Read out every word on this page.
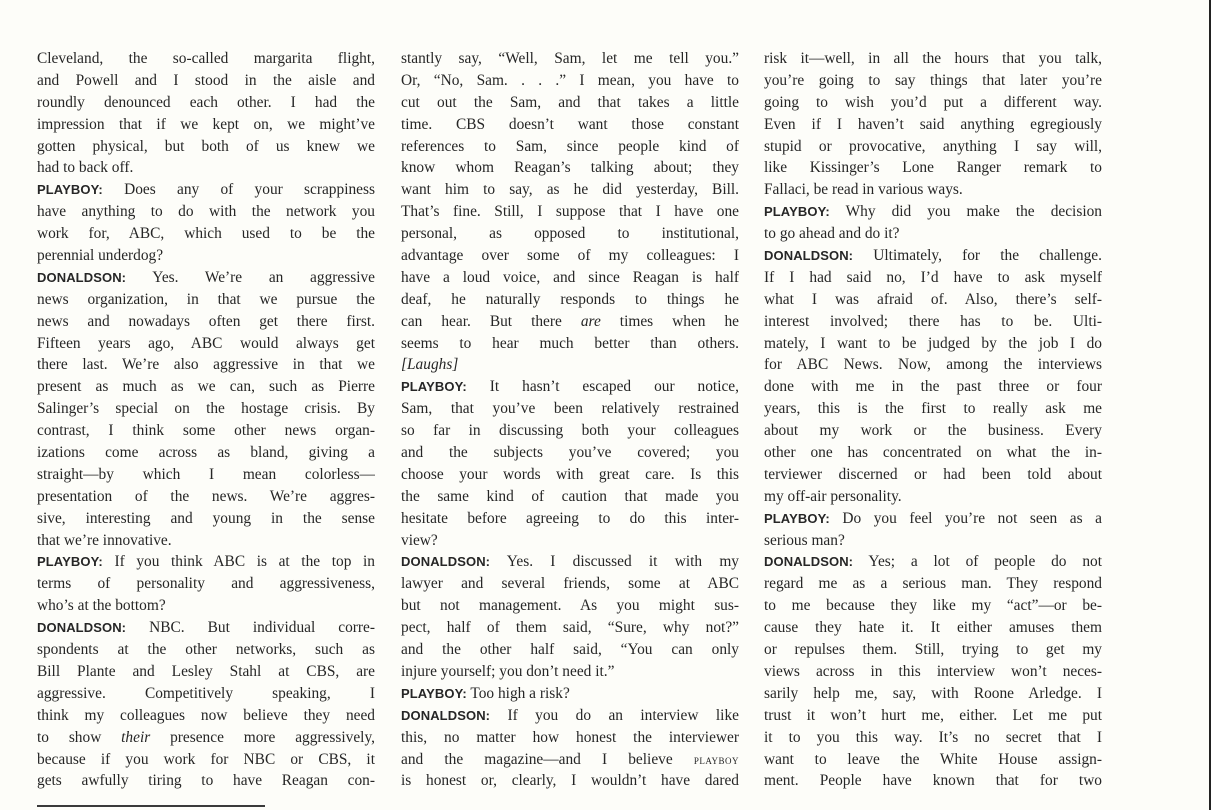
Cleveland, the so-called margarita flight,
and Powell and I stood in the aisle and
roundly denounced each other. I had the
impression that if we kept on, we might’ve
gotten physical, but both of us knew we
had to back off.
PLAYBOY: Does any of your scrappiness
have anything to do with the network you
work for, ABC, which used to be the
perennial underdog?
DONALDSON: Yes. We’re an aggressive
news organization, in that we pursue the
news and nowadays often get there first.
Fifteen years ago, ABC would always get
there last. We’re also aggressive in that we
present as much as we can, such as Pierre
Salinger’s special on the hostage crisis. By
contrast, I think some other news organ-
izations come across as bland, giving a
straight—by which I mean colorless—
presentation of the news. We’re aggres-
sive, interesting and young in the sense
that we’re innovative.
PLAYBOY: If you think ABC is at the top in
terms of personality and aggressiveness,
who’s at the bottom?
DONALDSON: NBC. But individual corre-
spondents at the other networks, such as
Bill Plante and Lesley Stahl at CBS, are
aggressive. Competitively speaking, I
think my colleagues now believe they need
to show their presence more aggressively,
because if you work for NBC or CBS, it
gets awfully tiring to have Reagan con-
stantly say, “Well, Sam, let me tell you.”
Or, “No, Sam. . . .” I mean, you have to
cut out the Sam, and that takes a little
time. CBS doesn’t want those constant
references to Sam, since people kind of
know whom Reagan’s talking about; they
want him to say, as he did yesterday, Bill.
That’s fine. Still, I suppose that I have one
personal, as opposed to institutional,
advantage over some of my colleagues: I
have a loud voice, and since Reagan is half
deaf, he naturally responds to things he
can hear. But there are times when he
seems to hear much better than others.
[Laughs]
PLAYBOY: It hasn’t escaped our notice,
Sam, that you’ve been relatively restrained
so far in discussing both your colleagues
and the subjects you’ve covered; you
choose your words with great care. Is this
the same kind of caution that made you
hesitate before agreeing to do this inter-
view?
DONALDSON: Yes. I discussed it with my
lawyer and several friends, some at ABC
but not management. As you might sus-
pect, half of them said, “Sure, why not?”
and the other half said, “You can only
injure yourself; you don’t need it.”
PLAYBOY: Too high a risk?
DONALDSON: If you do an interview like
this, no matter how honest the interviewer
and the magazine—and I believe playboy
is honest or, clearly, I wouldn’t have dared
risk it—well, in all the hours that you talk,
you’re going to say things that later you’re
going to wish you’d put a different way.
Even if I haven’t said anything egregiously
stupid or provocative, anything I say will,
like Kissinger’s Lone Ranger remark to
Fallaci, be read in various ways.
PLAYBOY: Why did you make the decision
to go ahead and do it?
DONALDSON: Ultimately, for the challenge.
If I had said no, I’d have to ask myself
what I was afraid of. Also, there’s self-
interest involved; there has to be. Ulti-
mately, I want to be judged by the job I do
for ABC News. Now, among the interviews
done with me in the past three or four
years, this is the first to really ask me
about my work or the business. Every
other one has concentrated on what the in-
terviewer discerned or had been told about
my off-air personality.
PLAYBOY: Do you feel you’re not seen as a
serious man?
DONALDSON: Yes; a lot of people do not
regard me as a serious man. They respond
to me because they like my “act”—or be-
cause they hate it. It either amuses them
or repulses them. Still, trying to get my
views across in this interview won’t neces-
sarily help me, say, with Roone Arledge. I
trust it won’t hurt me, either. Let me put
it to you this way. It’s no secret that I
want to leave the White House assign-
ment. People have known that for two
